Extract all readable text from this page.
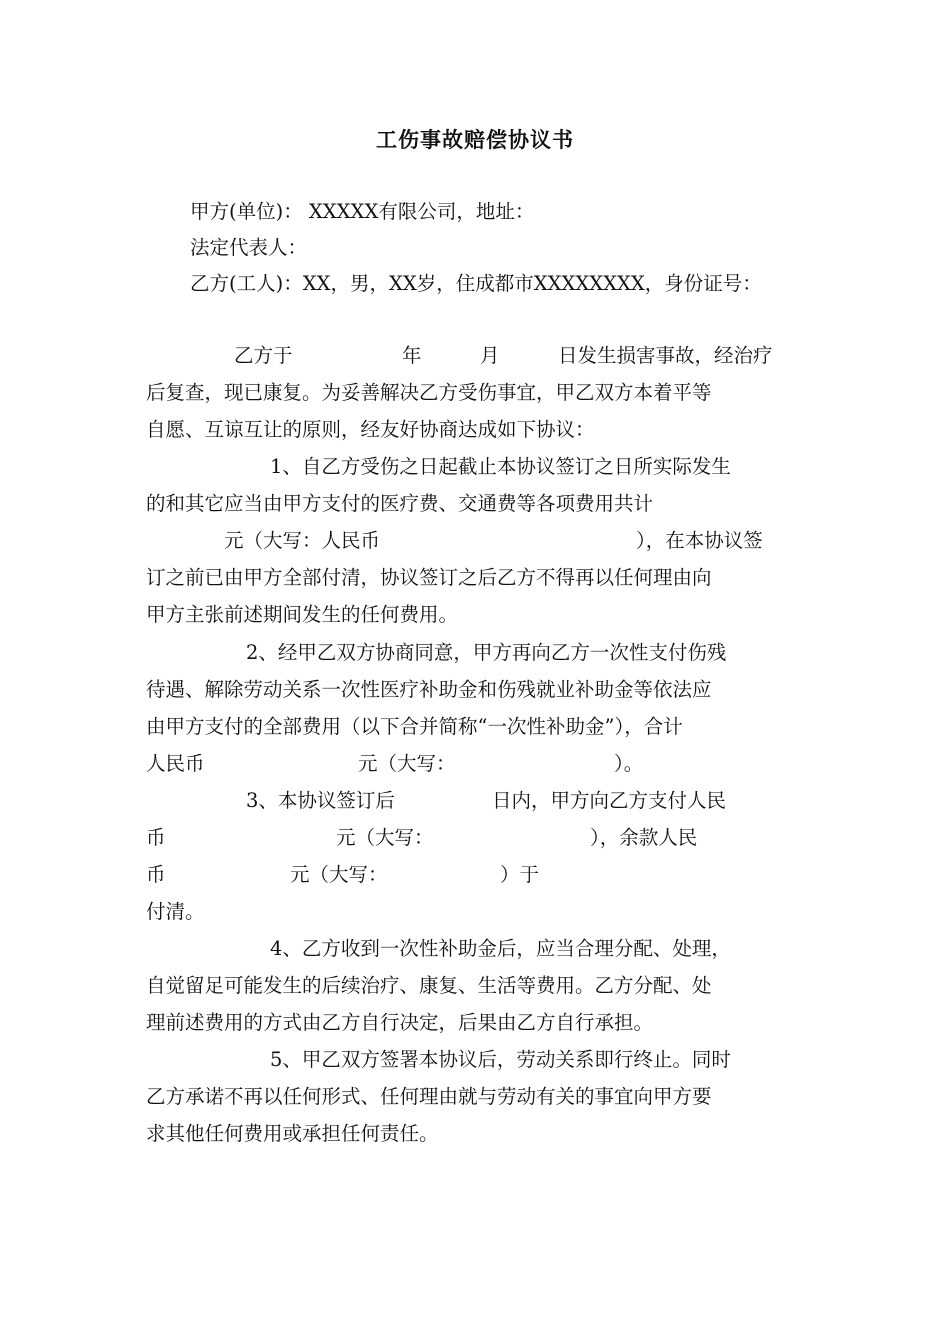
工伤事故赔偿协议书
甲方(单位)： XXXXX有限公司，地址：
法定代表人：
乙方(工人)：XX，男，XX岁，住成都市XXXXXXXX，身份证号：
乙方于	年	月	日发生损害事故，经治疗
后复查，现已康复。为妥善解决乙方受伤事宜，甲乙双方本着平等
自愿、互谅互让的原则，经友好协商达成如下协议：
1、自乙方受伤之日起截止本协议签订之日所实际发生
的和其它应当由甲方支付的医疗费、交通费等各项费用共计
元（大写：人民币	），在本协议签
订之前已由甲方全部付清，协议签订之后乙方不得再以任何理由向
甲方主张前述期间发生的任何费用。
2、经甲乙双方协商同意，甲方再向乙方一次性支付伤残
待遇、解除劳动关系一次性医疗补助金和伤残就业补助金等依法应
由甲方支付的全部费用（以下合并简称“一次性补助金”），合计
人民币	元（大写：	）。
3、本协议签订后	日内，甲方向乙方支付人民
币	元（大写：	），余款人民
币	元（大写：	）于
付清。
4、乙方收到一次性补助金后，应当合理分配、处理，
自觉留足可能发生的后续治疗、康复、生活等费用。乙方分配、处
理前述费用的方式由乙方自行决定，后果由乙方自行承担。
5、甲乙双方签署本协议后，劳动关系即行终止。同时
乙方承诺不再以任何形式、任何理由就与劳动有关的事宜向甲方要
求其他任何费用或承担任何责任。
